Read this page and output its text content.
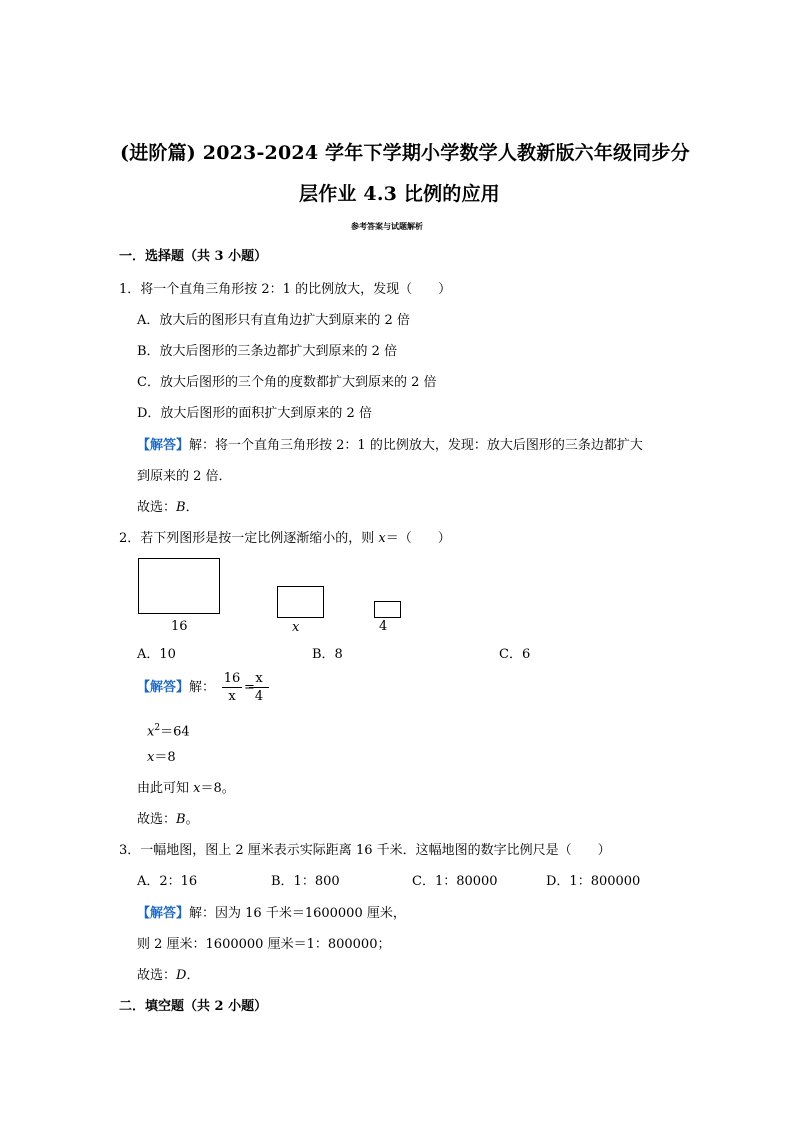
(进阶篇) 2023-2024 学年下学期小学数学人教新版六年级同步分
层作业 4.3 比例的应用
参考答案与试题解析
一．选择题（共 3 小题）
1．将一个直角三角形按 2：1 的比例放大，发现（　　）
A．放大后的图形只有直角边扩大到原来的 2 倍
B．放大后图形的三条边都扩大到原来的 2 倍
C．放大后图形的三个角的度数都扩大到原来的 2 倍
D．放大后图形的面积扩大到原来的 2 倍
【解答】解：将一个直角三角形按 2：1 的比例放大，发现：放大后图形的三条边都扩大
到原来的 2 倍．
故选：B．
2．若下列图形是按一定比例逐渐缩小的，则 x＝（　　）
16	x	4
A．10	B．8	C．6
【解答】解：
16
x
=
x
4
$x^2=64$
x＝8
由此可知 x＝8。
故选：B。
3．一幅地图，图上 2 厘米表示实际距离 16 千米．这幅地图的数字比例尺是（　　）
A．2：16	B．1：800	C．1：80000	D．1：800000
【解答】解：因为 16 千米＝1600000 厘米，
则 2 厘米：1600000 厘米＝1：800000；
故选：D．
二．填空题（共 2 小题）
